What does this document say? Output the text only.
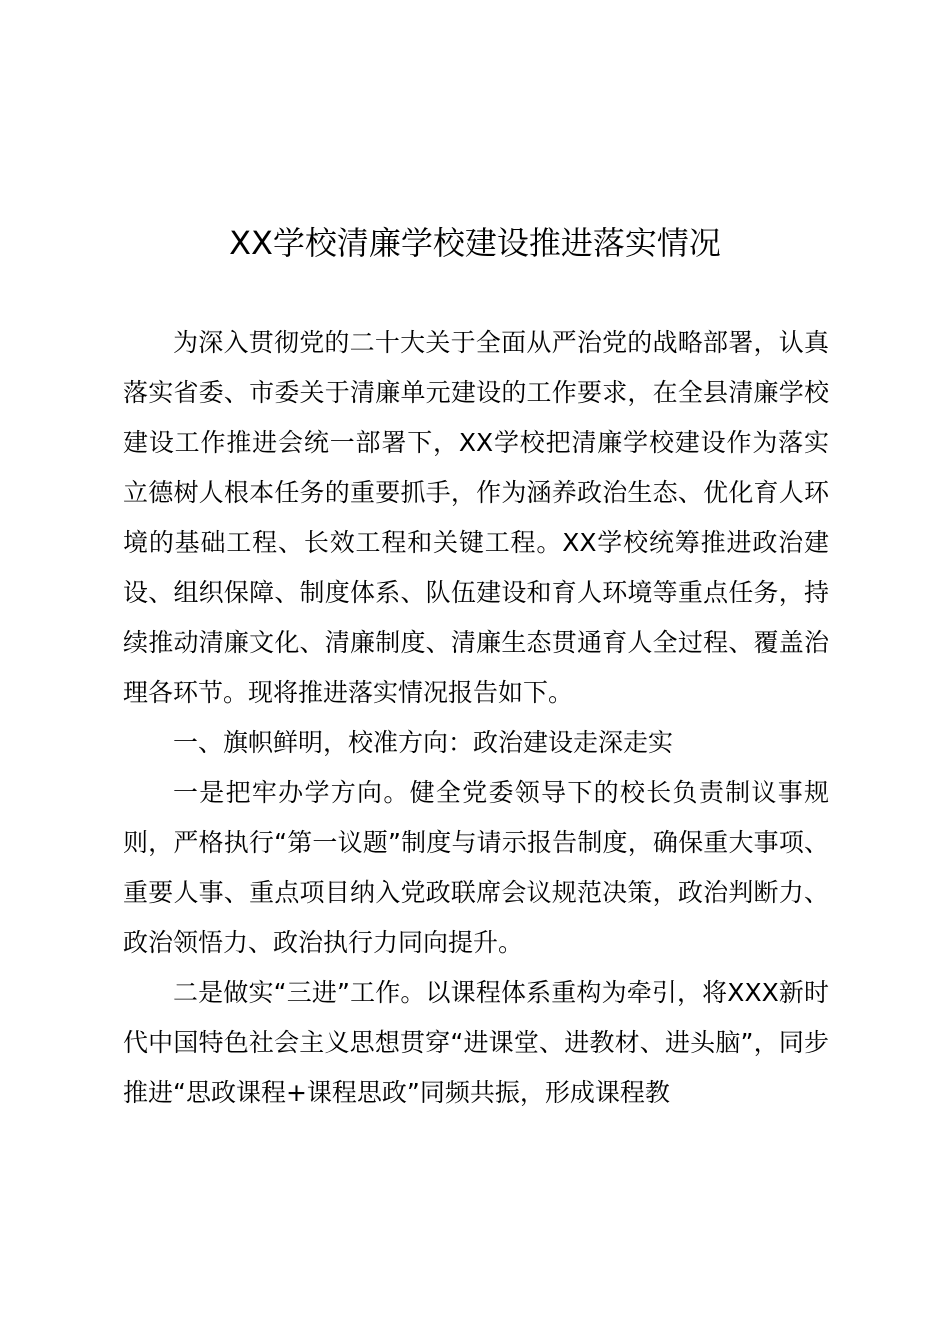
XX学校清廉学校建设推进落实情况

为深入贯彻党的二十大关于全面从严治党的战略部署，认真落实省委、市委关于清廉单元建设的工作要求，在全县清廉学校建设工作推进会统一部署下，XX学校把清廉学校建设作为落实立德树人根本任务的重要抓手，作为涵养政治生态、优化育人环境的基础工程、长效工程和关键工程。XX学校统筹推进政治建设、组织保障、制度体系、队伍建设和育人环境等重点任务，持续推动清廉文化、清廉制度、清廉生态贯通育人全过程、覆盖治理各环节。现将推进落实情况报告如下。

一、旗帜鲜明，校准方向：政治建设走深走实

一是把牢办学方向。健全党委领导下的校长负责制议事规则，严格执行“第一议题”制度与请示报告制度，确保重大事项、重要人事、重点项目纳入党政联席会议规范决策，政治判断力、政治领悟力、政治执行力同向提升。

二是做实“三进”工作。以课程体系重构为牵引，将XXX新时代中国特色社会主义思想贯穿“进课堂、进教材、进头脑”，同步推进“思政课程+课程思政”同频共振，形成课程教
